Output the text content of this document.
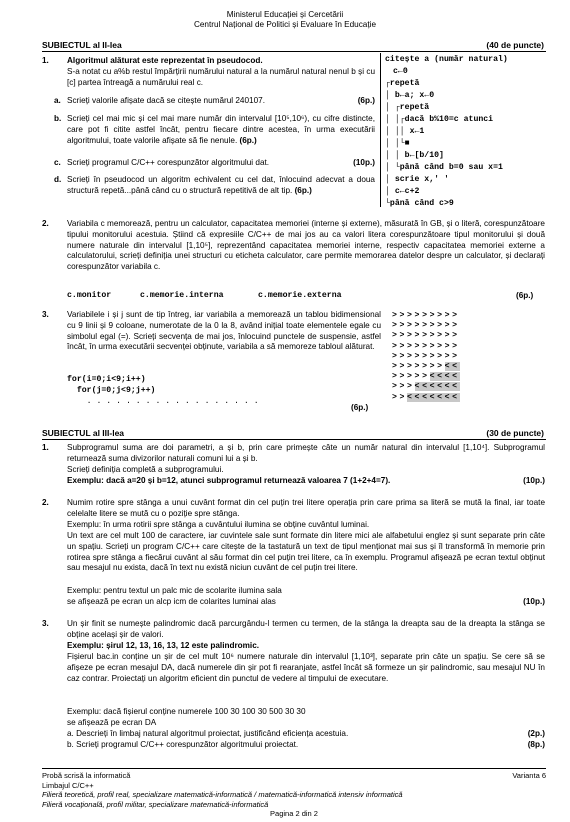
Ministerul Educației și Cercetării
Centrul Național de Politici și Evaluare în Educație
SUBIECTUL al II-lea	(40 de puncte)
1. Algoritmul alăturat este reprezentat în pseudocod.
S-a notat cu a%b restul împărțirii numărului natural a la numărul natural nenul b și cu [c] partea întreagă a numărului real c.
a.	(6p.)
Scrieți valorile afișate dacă se citește numărul 240107.
b. Scrieți cel mai mic și cel mai mare număr din intervalul [10⁵,10⁶), cu cifre distincte, care pot fi citite astfel încât, pentru fiecare dintre acestea, în urma executării algoritmului, toate valorile afișate să fie nenule. (6p.)
c.	(10p.)
Scrieți programul C/C++ corespunzător algoritmului dat.
d. Scrieți în pseudocod un algoritm echivalent cu cel dat, înlocuind adecvat a doua structură repetă...până când cu o structură repetitivă de alt tip. (6p.)
citește a (număr natural)
c←0
┌repetă
│ b←a; x←0
│ ┌repetă
│ │┌dacă b%10=c atunci
│ ││ x←1
│ │└■
│ │ b←[b/10]
│ └până când b=0 sau x=1
│ scrie x,' '
│ c←c+2
└până când c>9
2. Variabila c memorează, pentru un calculator, capacitatea memoriei (interne și externe), măsurată în GB, și o literă, corespunzătoare tipului monitorului acestuia. Știind că expresiile C/C++ de mai jos au ca valori litera corespunzătoare tipul monitorului și două numere naturale din intervalul [1,10⁵], reprezentând capacitatea memoriei interne, respectiv capacitatea memoriei externe a calculatorului, scrieți definiția unei structuri cu eticheta calculator, care permite memorarea datelor despre un calculator, și declarați corespunzător variabila c.
c.monitor	c.memorie.interna	c.memorie.externa	(6p.)
3. Variabilele i și j sunt de tip întreg, iar variabila a memorează un tablou bidimensional cu 9 linii și 9 coloane, numerotate de la 0 la 8, având inițial toate elementele egale cu simbolul egal (=). Scrieți secvența de mai jos, înlocuind punctele de suspensie, astfel încât, în urma executării secvenței obținute, variabila a să memoreze tabloul alăturat.
for(i=0;i<9;i++)
for(j=0;j<9;j++)
. . . . . . . . . . . . . . . . . .
(6p.)
>>>>>>>>>
>>>>>>>>>
>>>>>>>>>
>>>>>>>>>
>>>>>>>>>
>>>>>>><<
>>>>><<<<
>>><<<<<<
>><<<<<<<
SUBIECTUL al III-lea	(30 de puncte)
1. Subprogramul suma are doi parametri, a și b, prin care primește câte un număr natural din intervalul [1,10⁴]. Subprogramul returnează suma divizorilor naturali comuni lui a și b.
Scrieți definiția completă a subprogramului.
(10p.)
Exemplu: dacă a=20 și b=12, atunci subprogramul returnează valoarea 7 (1+2+4=7).
2. Numim rotire spre stânga a unui cuvânt format din cel puțin trei litere operația prin care prima sa literă se mută la final, iar toate celelalte litere se mută cu o poziție spre stânga.
Exemplu: în urma rotirii spre stânga a cuvântului ilumina se obține cuvântul luminai.
Un text are cel mult 100 de caractere, iar cuvintele sale sunt formate din litere mici ale alfabetului englez și sunt separate prin câte un spațiu. Scrieți un program C/C++ care citește de la tastatură un text de tipul menționat mai sus și îl transformă în memorie prin rotirea spre stânga a fiecărui cuvânt al său format din cel puțin trei litere, ca în exemplu. Programul afișează pe ecran textul obținut sau mesajul nu exista, dacă în text nu există niciun cuvânt de cel puțin trei litere.
Exemplu: pentru textul un palc mic de scolarite ilumina sala
(10p.)
se afișează pe ecran un alcp icm de colarites luminai alas
3. Un șir finit se numește palindromic dacă parcurgându-l termen cu termen, de la stânga la dreapta sau de la dreapta la stânga se obține același șir de valori.
Exemplu: șirul 12, 13, 16, 13, 12 este palindromic.
Fișierul bac.in conține un șir de cel mult 10⁶ numere naturale din intervalul [1,10³], separate prin câte un spațiu. Se cere să se afișeze pe ecran mesajul DA, dacă numerele din șir pot fi rearanjate, astfel încât să formeze un șir palindromic, sau mesajul NU în caz contrar. Proiectați un algoritm eficient din punctul de vedere al timpului de executare.
Exemplu: dacă fișierul conține numerele 100 30 100 30 500 30 30
se afișează pe ecran DA
(2p.)
a. Descrieți în limbaj natural algoritmul proiectat, justificând eficiența acestuia.
(8p.)
b. Scrieți programul C/C++ corespunzător algoritmului proiectat.
Probă scrisă la informatică	Varianta 6
Limbajul C/C++
Filieră teoretică, profil real, specializare matematică-informatică / matematică-informatică intensiv informatică
Filieră vocațională, profil militar, specializare matematică-informatică
Pagina 2 din 2
